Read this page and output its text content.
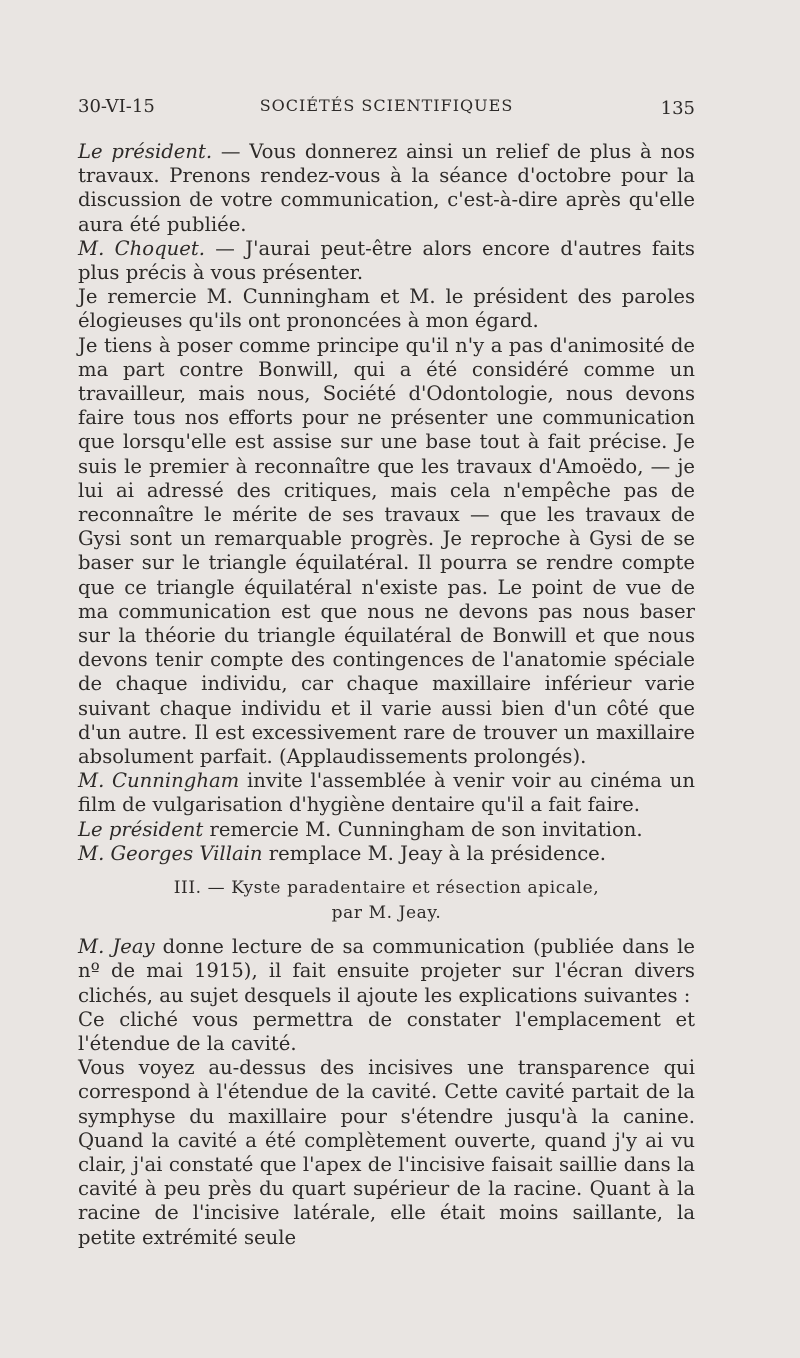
30-VI-15	SOCIÉTÉS SCIENTIFIQUES	135

Le président. — Vous donnerez ainsi un relief de plus à nos travaux. Prenons rendez-vous à la séance d'octobre pour la discussion de votre communication, c'est-à-dire après qu'elle aura été publiée.

M. Choquet. — J'aurai peut-être alors encore d'autres faits plus précis à vous présenter.

Je remercie M. Cunningham et M. le président des paroles élogieuses qu'ils ont prononcées à mon égard.

Je tiens à poser comme principe qu'il n'y a pas d'animosité de ma part contre Bonwill, qui a été considéré comme un travailleur, mais nous, Société d'Odontologie, nous devons faire tous nos efforts pour ne présenter une communication que lorsqu'elle est assise sur une base tout à fait précise. Je suis le premier à reconnaître que les travaux d'Amoëdo, — je lui ai adressé des critiques, mais cela n'empêche pas de reconnaître le mérite de ses travaux — que les travaux de Gysi sont un remarquable progrès. Je reproche à Gysi de se baser sur le triangle équilatéral. Il pourra se rendre compte que ce triangle équilatéral n'existe pas. Le point de vue de ma communication est que nous ne devons pas nous baser sur la théorie du triangle équilatéral de Bonwill et que nous devons tenir compte des contingences de l'anatomie spéciale de chaque individu, car chaque maxillaire inférieur varie suivant chaque individu et il varie aussi bien d'un côté que d'un autre. Il est excessivement rare de trouver un maxillaire absolument parfait. (Applaudissements prolongés).

M. Cunningham invite l'assemblée à venir voir au cinéma un film de vulgarisation d'hygiène dentaire qu'il a fait faire.

Le président remercie M. Cunningham de son invitation.

M. Georges Villain remplace M. Jeay à la présidence.

III. — Kyste paradentaire et résection apicale,
par M. Jeay.

M. Jeay donne lecture de sa communication (publiée dans le nº de mai 1915), il fait ensuite projeter sur l'écran divers clichés, au sujet desquels il ajoute les explications suivantes :

Ce cliché vous permettra de constater l'emplacement et l'étendue de la cavité.

Vous voyez au-dessus des incisives une transparence qui correspond à l'étendue de la cavité. Cette cavité partait de la symphyse du maxillaire pour s'étendre jusqu'à la canine. Quand la cavité a été complètement ouverte, quand j'y ai vu clair, j'ai constaté que l'apex de l'incisive faisait saillie dans la cavité à peu près du quart supérieur de la racine. Quant à la racine de l'incisive latérale, elle était moins saillante, la petite extrémité seule
